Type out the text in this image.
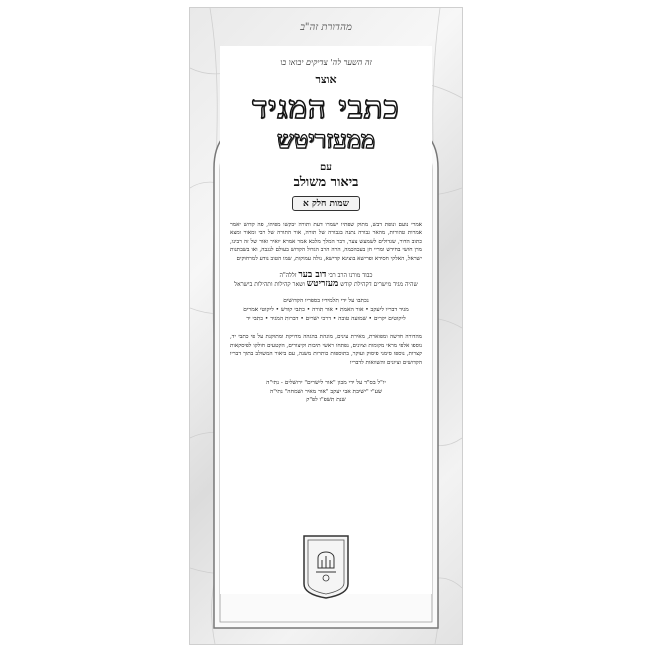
מהדורת זה"ב
זה השער לה' צדיקים יבואו בו
אוצר
כתבי המגיד
ממעזריטש
עם
ביאור משולב
שמות חלק א
אמרי נועם ונופת דבש, מתוק שפתיו ישמרו דעת ותורה יבקשו מפיהו, פה קדוש יאמר אמרות טהורות, מהאר גבורה נתנה בגבורה של תורה, אור התורה של רבי ומאור ומצא כתוב הדור, שגדולים לשמעש צער, דבר המלך מלכא אמר אמרא יואיר ואור של זה רבינו, מרן חושי בחידש ומריי חן בעכהכמה, הרה הרב הגדול הקדוש בעולם לנגבה, ואו בשבתנות ישראל, האלקי חסידא ופרישא בוצינא קדישא, נולה עמוקות, שמו הטוב נודע למרחוקים
כבוד מורנו הרב רבי דוב בער זללה"ה
שהיה מגיד מישרים דקהילת קודש מעזריטש ושאר קהילות ותהילות בישראל
נכתבו על ידי תלמידיו בספריו הקדושים
מגיד דבריו ליעקב • אור האמת • אור תורה • כתבי קודש • ליקוטי אמרים
ליקוטים יקרים • שמועה טובה • דרכי ישרים • דברות המגיד • כתבי יד
מהדורה חדשה ומפוארת, מאירת עינים, מוגהת בהגהה מדויקת ומתוקנת על פי כתבי יד, נוספו אלפי מראי מקומות וציונים, נפתחו ראשי תיבות וקיצורים, הקטעים חולקו לפיסקאות קצרות, נוספו סימני פיסוק ועוקר, בתוספות כותרות משנה, עם ביאור המשולב בתוך דבריו הקדושים וציונים והשוואות לדבריו
יו"ל בס"ד על ידי מכון "אור לישרים" ירושלים - נתי"ה
שע"י "ישיבת אבי יעקב "אור מאיר ושמחה" נתי"ה
שנת תשפ"ו לפ"ק
